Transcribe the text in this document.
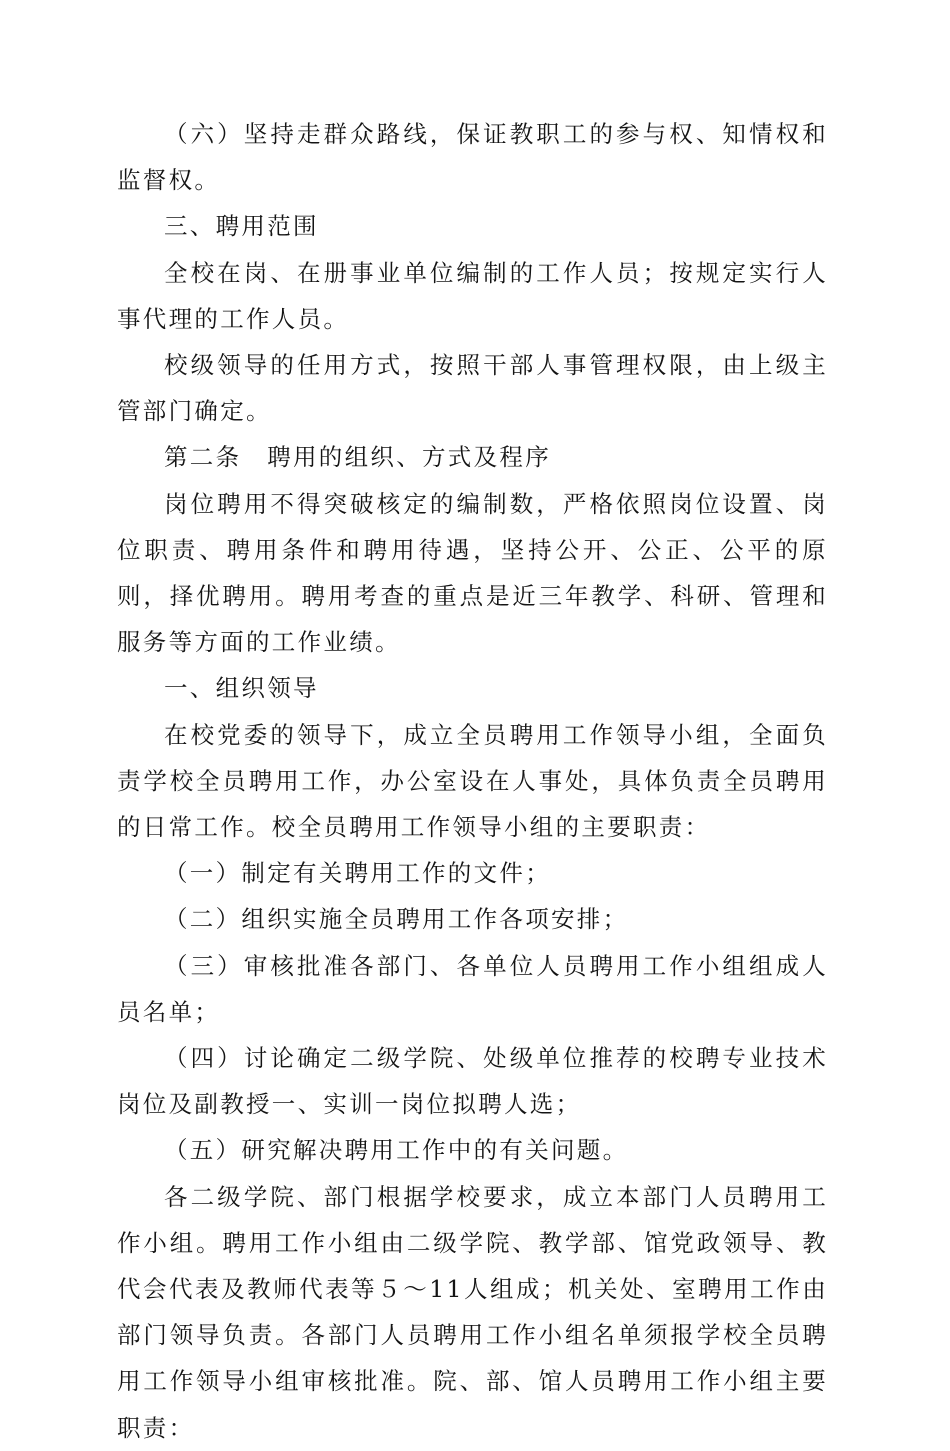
（六）坚持走群众路线，保证教职工的参与权、知情权和监督权。

三、聘用范围

全校在岗、在册事业单位编制的工作人员；按规定实行人事代理的工作人员。

校级领导的任用方式，按照干部人事管理权限，由上级主管部门确定。

第二条　聘用的组织、方式及程序

岗位聘用不得突破核定的编制数，严格依照岗位设置、岗位职责、聘用条件和聘用待遇，坚持公开、公正、公平的原则，择优聘用。聘用考查的重点是近三年教学、科研、管理和服务等方面的工作业绩。

一、组织领导

在校党委的领导下，成立全员聘用工作领导小组，全面负责学校全员聘用工作，办公室设在人事处，具体负责全员聘用的日常工作。校全员聘用工作领导小组的主要职责：

（一）制定有关聘用工作的文件；

（二）组织实施全员聘用工作各项安排；

（三）审核批准各部门、各单位人员聘用工作小组组成人员名单；

（四）讨论确定二级学院、处级单位推荐的校聘专业技术岗位及副教授一、实训一岗位拟聘人选；

（五）研究解决聘用工作中的有关问题。

各二级学院、部门根据学校要求，成立本部门人员聘用工作小组。聘用工作小组由二级学院、教学部、馆党政领导、教代会代表及教师代表等５～11人组成；机关处、室聘用工作由部门领导负责。各部门人员聘用工作小组名单须报学校全员聘用工作领导小组审核批准。院、部、馆人员聘用工作小组主要职责：
